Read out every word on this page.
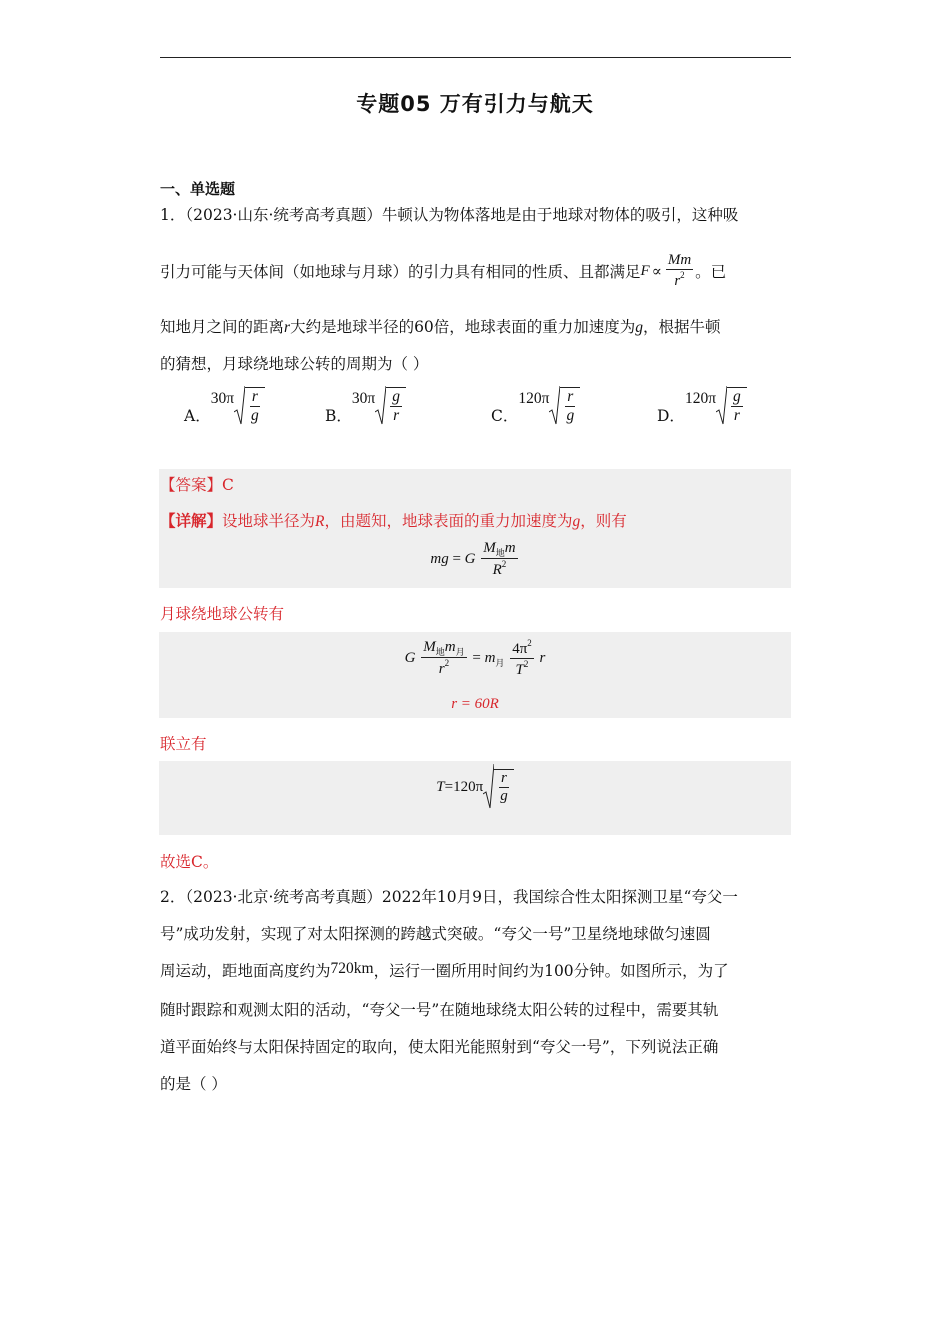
专题05 万有引力与航天
一、单选题
1．（2023·山东·统考高考真题）牛顿认为物体落地是由于地球对物体的吸引，这种吸
引力可能与天体间（如地球与月球）的引力具有相同的性质、且都满足 $F \propto \frac{Mm}{r^2}$ 。已
知地月之间的距离r大约是地球半径的60倍，地球表面的重力加速度为g，根据牛顿
的猜想，月球绕地球公转的周期为（ ）
A．
$30\pi \frac{r}{g}$	B．
$30\pi \frac{g}{r}$	C．
$120\pi \frac{r}{g}$	D．
$120\pi \frac{g}{r}$
【答案】C
【详解】设地球半径为R，由题知，地球表面的重力加速度为g，则有
mg = G $\frac{M_地m}{R^2}$
月球绕地球公转有
G $\frac{M_地m_月}{r^2} = m_月 \frac{4\pi^2}{T^2}$ r
r = 60R
联立有
$T =120\pi \frac{r}{g}$
故选C。
2．（2023·北京·统考高考真题）2022年10月9日，我国综合性太阳探测卫星“夸父一
号”成功发射，实现了对太阳探测的跨越式突破。“夸父一号”卫星绕地球做匀速圆
周运动，距地面高度约为720km，运行一圈所用时间约为100分钟。如图所示，为了
随时跟踪和观测太阳的活动，“夸父一号”在随地球绕太阳公转的过程中，需要其轨
道平面始终与太阳保持固定的取向，使太阳光能照射到“夸父一号”，下列说法正确
的是（ ）
